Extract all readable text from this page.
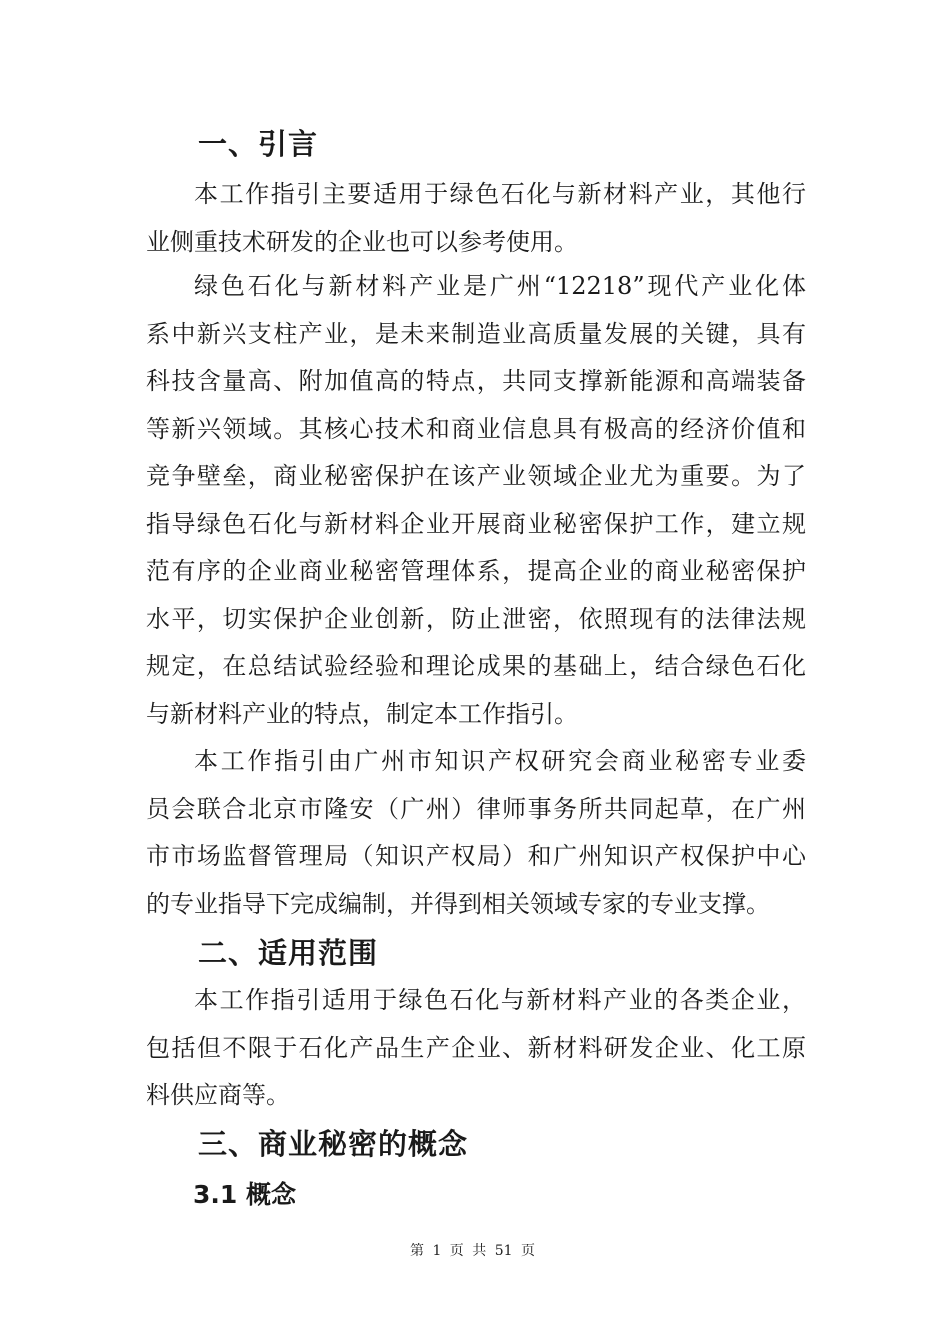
一、引言
本工作指引主要适用于绿色石化与新材料产业，其他行
业侧重技术研发的企业也可以参考使用。
绿色石化与新材料产业是广州“12218”现代产业化体
系中新兴支柱产业，是未来制造业高质量发展的关键，具有
科技含量高、附加值高的特点，共同支撑新能源和高端装备
等新兴领域。其核心技术和商业信息具有极高的经济价值和
竞争壁垒，商业秘密保护在该产业领域企业尤为重要。为了
指导绿色石化与新材料企业开展商业秘密保护工作，建立规
范有序的企业商业秘密管理体系，提高企业的商业秘密保护
水平，切实保护企业创新，防止泄密，依照现有的法律法规
规定，在总结试验经验和理论成果的基础上，结合绿色石化
与新材料产业的特点，制定本工作指引。
本工作指引由广州市知识产权研究会商业秘密专业委
员会联合北京市隆安（广州）律师事务所共同起草，在广州
市市场监督管理局（知识产权局）和广州知识产权保护中心
的专业指导下完成编制，并得到相关领域专家的专业支撑。
二、适用范围
本工作指引适用于绿色石化与新材料产业的各类企业，
包括但不限于石化产品生产企业、新材料研发企业、化工原
料供应商等。
三、商业秘密的概念
3.1 概念
第 1 页 共 51 页
